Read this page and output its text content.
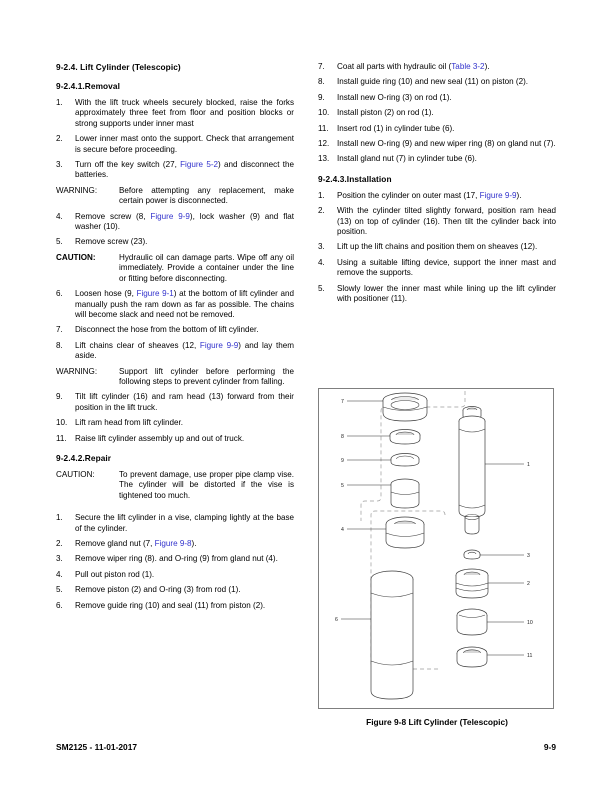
9-2.4. Lift Cylinder (Telescopic)
9-2.4.1.Removal
1.	With the lift truck wheels securely blocked, raise the forks approximately three feet from floor and position blocks or strong supports under inner mast
2.	Lower inner mast onto the support. Check that arrangement is secure before proceeding.
3.	Turn off the key switch (27, Figure 5-2) and disconnect the batteries.
WARNING:	Before attempting any replacement, make certain power is disconnected.
4.	Remove screw (8, Figure 9-9), lock washer (9) and flat washer (10).
5.	Remove screw (23).
CAUTION:	Hydraulic oil can damage parts. Wipe off any oil immediately. Provide a container under the line or fitting before disconnecting.
6.	Loosen hose (9, Figure 9-1) at the bottom of lift cylinder and manually push the ram down as far as possible. The chains will become slack and need not be removed.
7.	Disconnect the hose from the bottom of lift cylinder.
8.	Lift chains clear of sheaves (12, Figure 9-9) and lay them aside.
WARNING:	Support lift cylinder before performing the following steps to prevent cylinder from falling.
9.	Tilt lift cylinder (16) and ram head (13) forward from their position in the lift truck.
10. Lift ram head from lift cylinder.
11.	Raise lift cylinder assembly up and out of truck.
9-2.4.2.Repair
CAUTION:	To prevent damage, use proper pipe clamp vise. The cylinder will be distorted if the vise is tightened too much.
1.	Secure the lift cylinder in a vise, clamping lightly at the base of the cylinder.
2.	Remove gland nut (7, Figure 9-8).
3.	Remove wiper ring (8). and O-ring (9) from gland nut (4).
4.	Pull out piston rod (1).
5.	Remove piston (2) and O-ring (3) from rod (1).
6.	Remove guide ring (10) and seal (11) from piston (2).
7.	Coat all parts with hydraulic oil (Table 3-2).
8.	Install guide ring (10) and new seal (11) on piston (2).
9.	Install new O-ring (3) on rod (1).
10. Install piston (2) on rod (1).
11.	Insert rod (1) in cylinder tube (6).
12. Install new O-ring (9) and new wiper ring (8) on gland nut (7).
13. Install gland nut (7) in cylinder tube (6).
9-2.4.3.Installation
1.	Position the cylinder on outer mast (17, Figure 9-9).
2.	With the cylinder tilted slightly forward, position ram head (13) on top of cylinder (16). Then tilt the cylinder back into position.
3.	Lift up the lift chains and position them on sheaves (12).
4.	Using a suitable lifting device, support the inner mast and remove the supports.
5.	Slowly lower the inner mast while lining up the lift cylinder with positioner (11).
7
8
9
5
4
6
1
3
2
10
11
Figure 9-8 Lift Cylinder (Telescopic)
SM2125 - 11-01-2017	9-9
